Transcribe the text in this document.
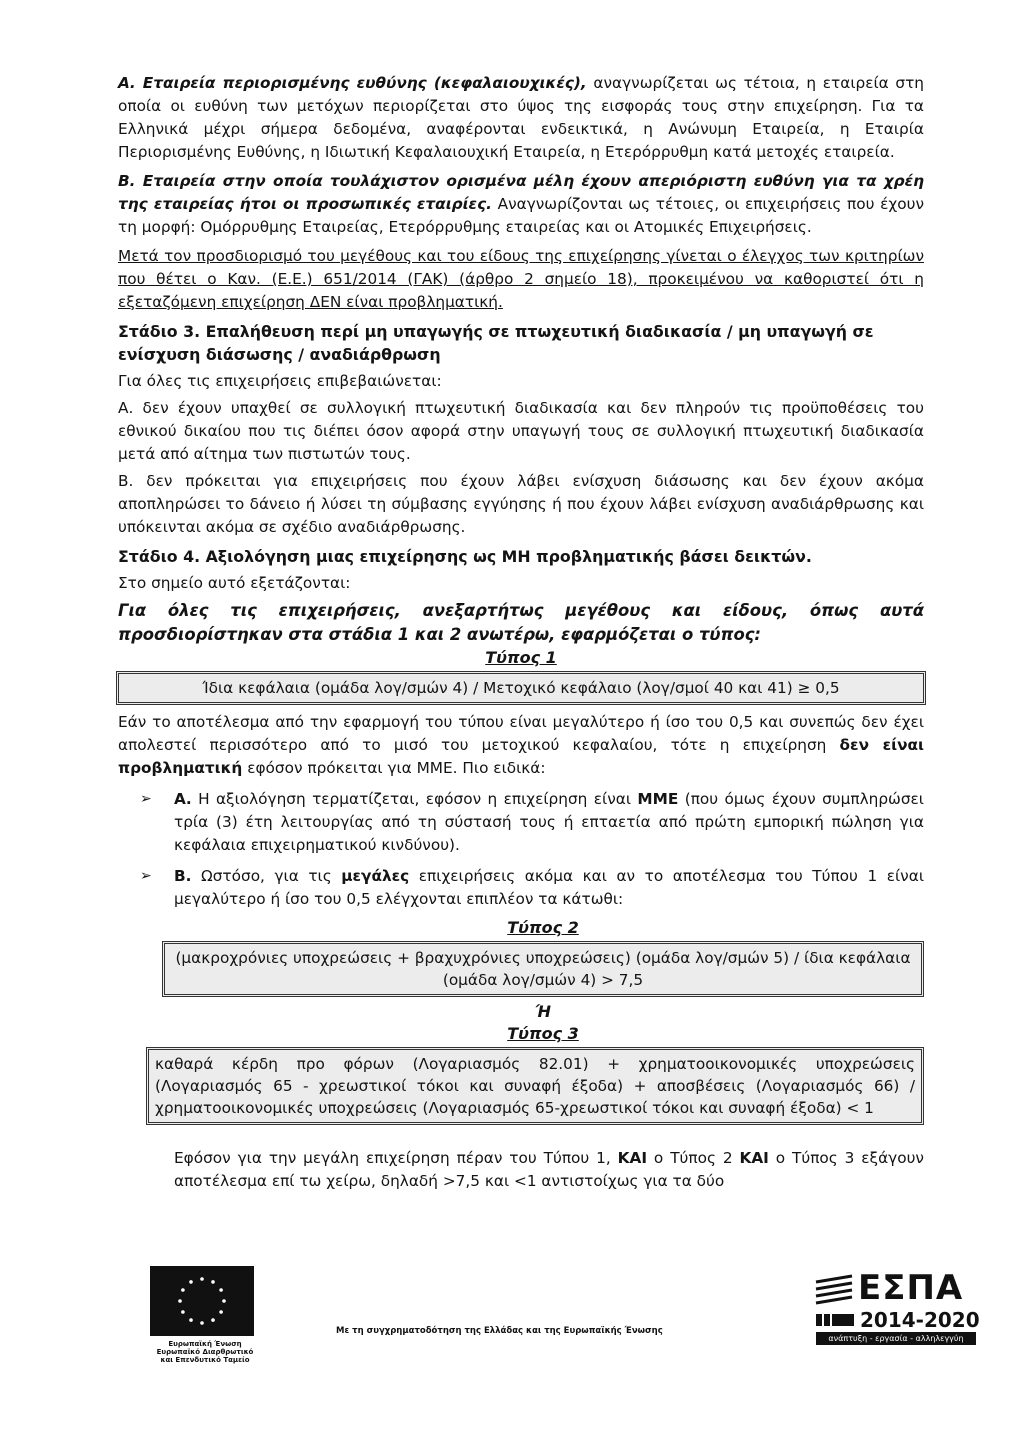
Α. Εταιρεία περιορισμένης ευθύνης (κεφαλαιουχικές), αναγνωρίζεται ως τέτοια, η εταιρεία στη οποία οι ευθύνη των μετόχων περιορίζεται στο ύψος της εισφοράς τους στην επιχείρηση. Για τα Ελληνικά μέχρι σήμερα δεδομένα, αναφέρονται ενδεικτικά, η Ανώνυμη Εταιρεία, η Εταιρία Περιορισμένης Ευθύνης, η Ιδιωτική Κεφαλαιουχική Εταιρεία, η Ετερόρρυθμη κατά μετοχές εταιρεία.

Β. Εταιρεία στην οποία τουλάχιστον ορισμένα μέλη έχουν απεριόριστη ευθύνη για τα χρέη της εταιρείας ήτοι οι προσωπικές εταιρίες. Αναγνωρίζονται ως τέτοιες, οι επιχειρήσεις που έχουν τη μορφή: Ομόρρυθμης Εταιρείας, Ετερόρρυθμης εταιρείας και οι Ατομικές Επιχειρήσεις.

Μετά τον προσδιορισμό του μεγέθους και του είδους της επιχείρησης γίνεται ο έλεγχος των κριτηρίων που θέτει ο Καν. (Ε.Ε.) 651/2014 (ΓΑΚ) (άρθρο 2 σημείο 18), προκειμένου να καθοριστεί ότι η εξεταζόμενη επιχείρηση ΔΕΝ είναι προβληματική.

Στάδιο 3. Επαλήθευση περί μη υπαγωγής σε πτωχευτική διαδικασία / μη υπαγωγή σε ενίσχυση διάσωσης / αναδιάρθρωση

Για όλες τις επιχειρήσεις επιβεβαιώνεται:

Α. δεν έχουν υπαχθεί σε συλλογική πτωχευτική διαδικασία και δεν πληρούν τις προϋποθέσεις του εθνικού δικαίου που τις διέπει όσον αφορά στην υπαγωγή τους σε συλλογική πτωχευτική διαδικασία μετά από αίτημα των πιστωτών τους.

Β. δεν πρόκειται για επιχειρήσεις που έχουν λάβει ενίσχυση διάσωσης και δεν έχουν ακόμα αποπληρώσει το δάνειο ή λύσει τη σύμβασης εγγύησης ή που έχουν λάβει ενίσχυση αναδιάρθρωσης και υπόκεινται ακόμα σε σχέδιο αναδιάρθρωσης.

Στάδιο 4. Αξιολόγηση μιας επιχείρησης ως ΜΗ προβληματικής βάσει δεικτών.

Στο σημείο αυτό εξετάζονται:

Για όλες τις επιχειρήσεις, ανεξαρτήτως μεγέθους και είδους, όπως αυτά προσδιορίστηκαν στα στάδια 1 και 2 ανωτέρω, εφαρμόζεται ο τύπος:

Τύπος 1

Ίδια κεφάλαια (ομάδα λογ/σμών 4) / Μετοχικό κεφάλαιο (λογ/σμοί 40 και 41) ≥ 0,5

Εάν το αποτέλεσμα από την εφαρμογή του τύπου είναι μεγαλύτερο ή ίσο του 0,5 και συνεπώς δεν έχει απολεστεί περισσότερο από το μισό του μετοχικού κεφαλαίου, τότε η επιχείρηση δεν είναι προβληματική εφόσον πρόκειται για ΜΜΕ. Πιο ειδικά:

➢ Α. Η αξιολόγηση τερματίζεται, εφόσον η επιχείρηση είναι ΜΜΕ (που όμως έχουν συμπληρώσει τρία (3) έτη λειτουργίας από τη σύστασή τους ή επταετία από πρώτη εμπορική πώληση για κεφάλαια επιχειρηματικού κινδύνου).
➢ Β. Ωστόσο, για τις μεγάλες επιχειρήσεις ακόμα και αν το αποτέλεσμα του Τύπου 1 είναι μεγαλύτερο ή ίσο του 0,5 ελέγχονται επιπλέον τα κάτωθι:

Τύπος 2

(μακροχρόνιες υποχρεώσεις + βραχυχρόνιες υποχρεώσεις) (ομάδα λογ/σμών 5) / ίδια κεφάλαια (ομάδα λογ/σμών 4) > 7,5

Ή

Τύπος 3

καθαρά κέρδη προ φόρων (Λογαριασμός 82.01) + χρηματοοικονομικές υποχρεώσεις (Λογαριασμός 65 - χρεωστικοί τόκοι και συναφή έξοδα) + αποσβέσεις (Λογαριασμός 66) / χρηματοοικονομικές υποχρεώσεις (Λογαριασμός 65-χρεωστικοί τόκοι και συναφή έξοδα) < 1

Εφόσον για την μεγάλη επιχείρηση πέραν του Τύπου 1, ΚΑΙ ο Τύπος 2 ΚΑΙ ο Τύπος 3 εξάγουν αποτέλεσμα επί τω χείρω, δηλαδή >7,5 και <1 αντιστοίχως για τα δύο

Ευρωπαϊκή Ένωση Ευρωπαϊκό Διαρθρωτικό και Επενδυτικό Ταμείο
Με τη συγχρηματοδότηση της Ελλάδας και της Ευρωπαϊκής Ένωσης
ΕΣΠΑ
2014-2020
ανάπτυξη - εργασία - αλληλεγγύη
